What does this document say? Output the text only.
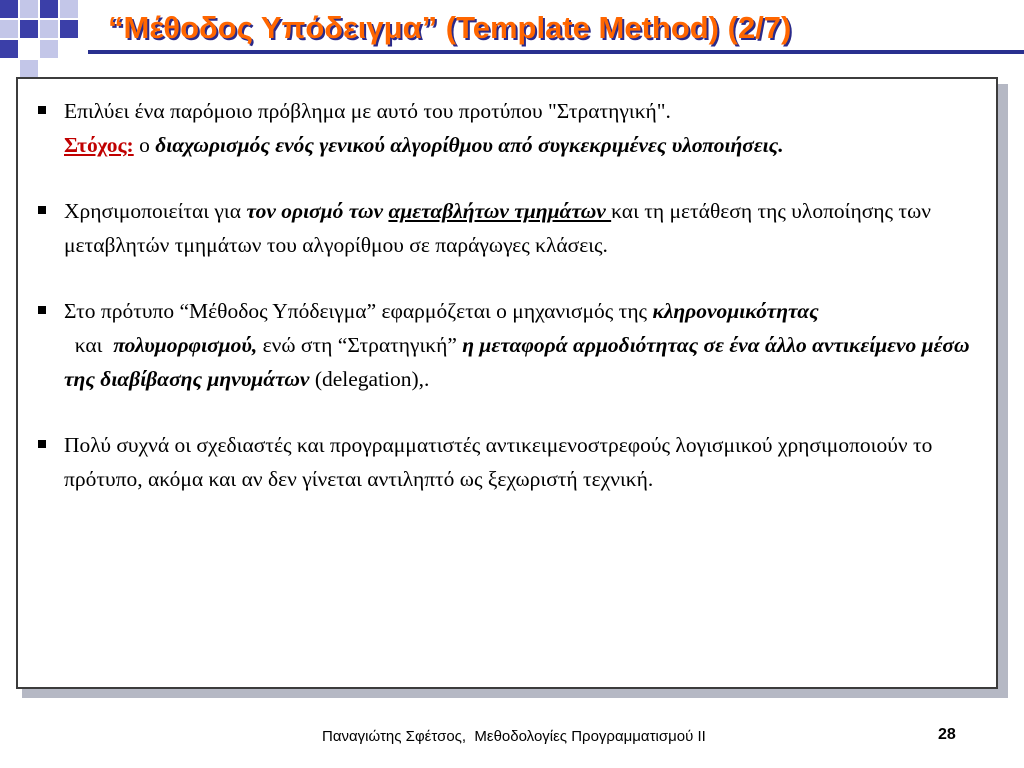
“Μέθοδος Υπόδειγμα” (Template Method) (2/7)
Επιλύει ένα παρόμοιο πρόβλημα με αυτό του προτύπου "Στρατηγική".
Στόχος: ο διαχωρισμός ενός γενικού αλγορίθμου από συγκεκριμένες υλοποιήσεις.
Χρησιμοποιείται για τον ορισμό των αμεταβλήτων τμημάτων και τη μετάθεση της υλοποίησης των μεταβλητών τμημάτων του αλγορίθμου σε παράγωγες κλάσεις.
Στο πρότυπο “Μέθοδος Υπόδειγμα” εφαρμόζεται ο μηχανισμός της κληρονομικότητας  και  πολυμορφισμού, ενώ στη “Στρατηγική” η μεταφορά αρμοδιότητας σε ένα άλλο αντικείμενο μέσω της διαβίβασης μηνυμάτων (delegation),.
Πολύ συχνά οι σχεδιαστές και προγραμματιστές αντικειμενοστρεφούς λογισμικού χρησιμοποιούν το πρότυπο, ακόμα και αν δεν γίνεται αντιληπτό ως ξεχωριστή τεχνική.
Παναγιώτης Σφέτσος,  Μεθοδολογίες Προγραμματισμού ΙΙ	28
